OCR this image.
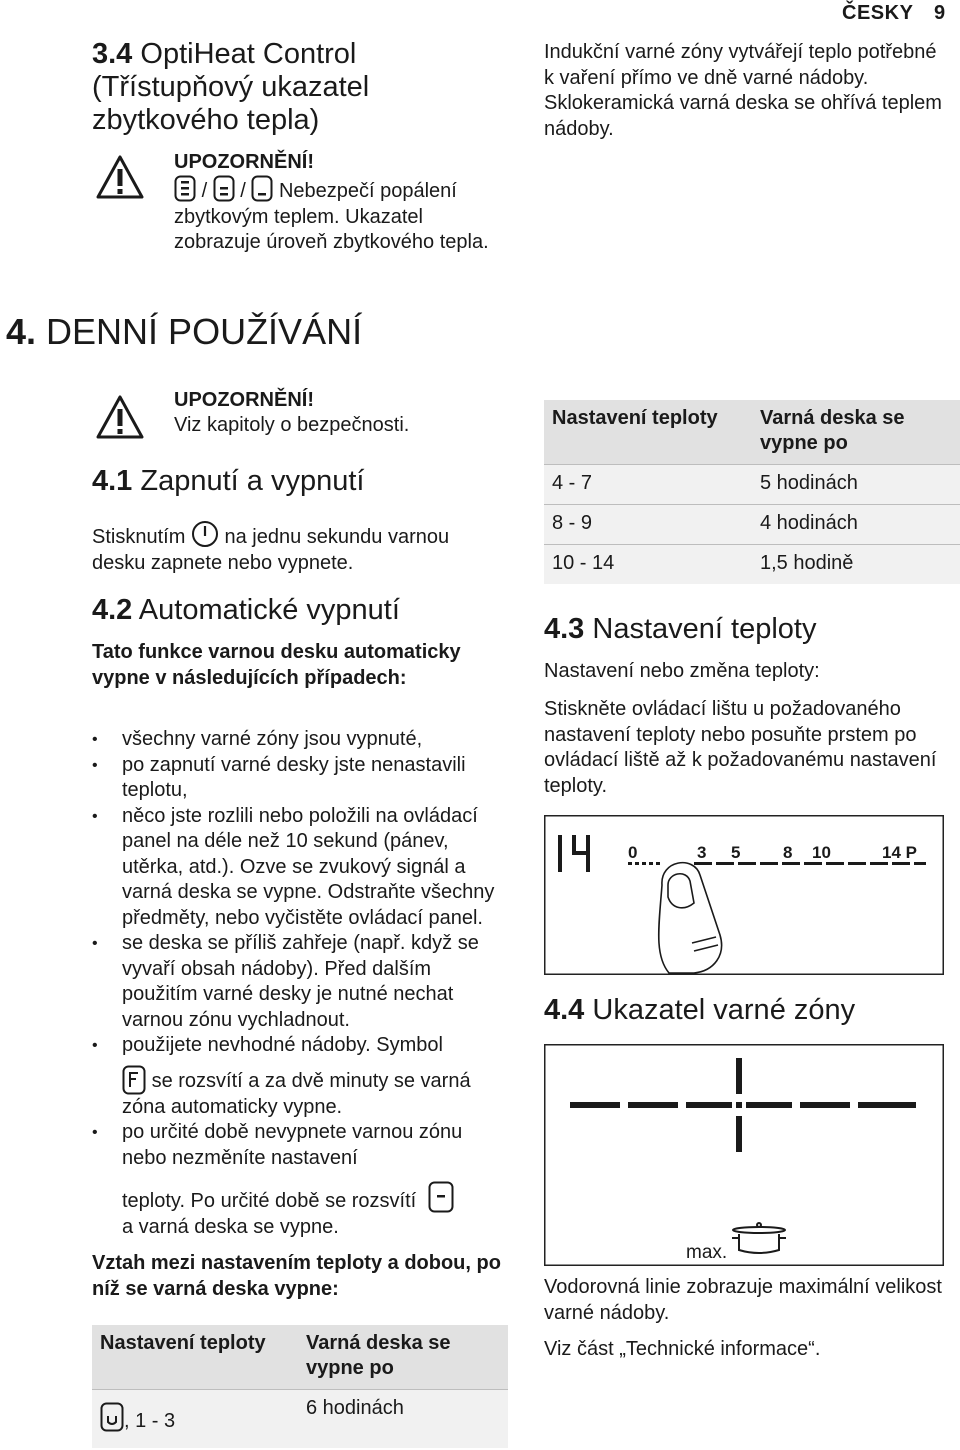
ČESKY 9
3.4 OptiHeat Control (Třístupňový ukazatel zbytkového tepla)
UPOZORNĚNÍ!
/ / Nebezpečí popálení zbytkovým teplem. Ukazatel zobrazuje úroveň zbytkového tepla.
4. DENNÍ POUŽÍVÁNÍ
UPOZORNĚNÍ!
Viz kapitoly o bezpečnosti.
4.1 Zapnutí a vypnutí
Stisknutím na jednu sekundu varnou desku zapnete nebo vypnete.
4.2 Automatické vypnutí
Tato funkce varnou desku automaticky vypne v následujících případech:
• všechny varné zóny jsou vypnuté,
• po zapnutí varné desky jste nenastavili teplotu,
• něco jste rozlili nebo položili na ovládací panel na déle než 10 sekund (pánev, utěrka, atd.). Ozve se zvukový signál a varná deska se vypne. Odstraňte všechny předměty, nebo vyčistěte ovládací panel.
• se deska se příliš zahřeje (např. když se vyvaří obsah nádoby). Před dalším použitím varné desky je nutné nechat varnou zónu vychladnout.
• použijete nevhodné nádoby. Symbol
se rozsvítí a za dvě minuty se varná zóna automaticky vypne.
• po určité době nevypnete varnou zónu nebo nezměníte nastavení
teploty. Po určité době se rozsvítí
a varná deska se vypne.
Vztah mezi nastavením teploty a dobou, po níž se varná deska vypne:
Nastavení teploty	Varná deska se vypne po
, 1 - 3	6 hodinách
Indukční varné zóny vytvářejí teplo potřebné k vaření přímo ve dně varné nádoby. Sklokeramická varná deska se ohřívá teplem nádoby.
Nastavení teploty	Varná deska se vypne po
4 - 7	5 hodinách
8 - 9	4 hodinách
10 - 14	1,5 hodině
4.3 Nastavení teploty
Nastavení nebo změna teploty:
Stiskněte ovládací lištu u požadovaného nastavení teploty nebo posuňte prstem po ovládací liště až k požadovanému nastavení teploty.
0	3 5	8 10	14 P
4.4 Ukazatel varné zóny
max.
Vodorovná linie zobrazuje maximální velikost varné nádoby.
Viz část „Technické informace“.
